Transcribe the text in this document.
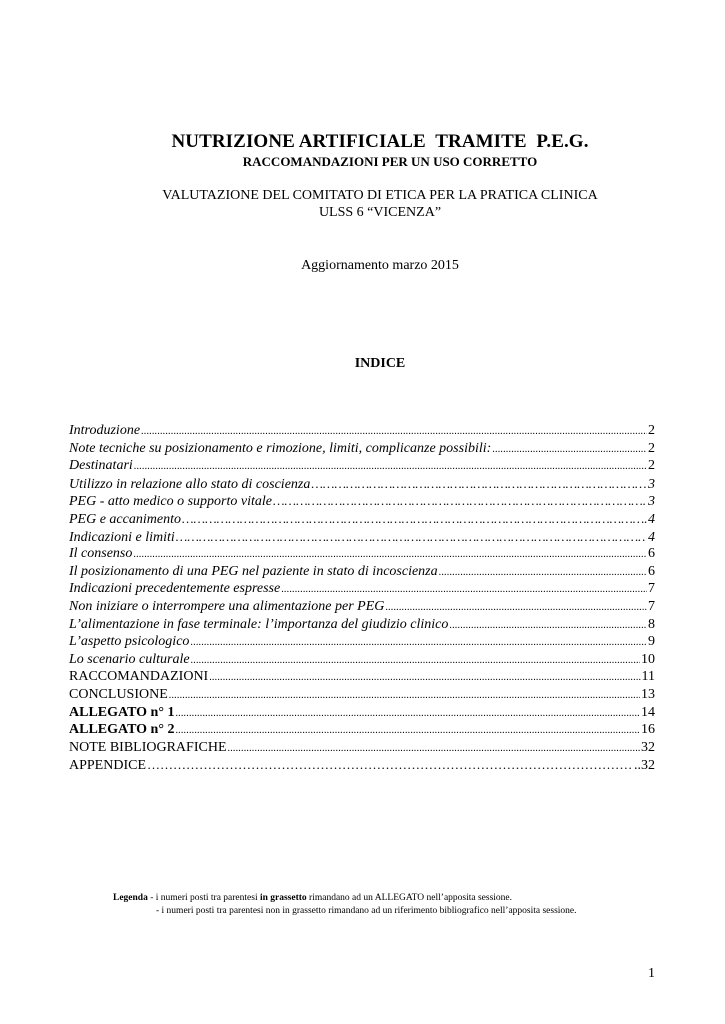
NUTRIZIONE ARTIFICIALE  TRAMITE  P.E.G.
RACCOMANDAZIONI PER UN USO CORRETTO
VALUTAZIONE DEL COMITATO DI ETICA PER LA PRATICA CLINICA
ULSS 6 “VICENZA”
Aggiornamento marzo 2015
INDICE
Introduzione .....	2
Note tecniche su posizionamento e rimozione, limiti, complicanze possibili: .....	2
Destinatari .....	2
Utilizzo in relazione allo stato di coscienza ……………………………………………………………………………………………………………………………………………	3
PEG - atto medico o supporto vitale ……………………………………………………………………………………………………………………………………………	3
PEG e accanimento ……………………………………………………………………………………………………………………………………………	4
Indicazioni e limiti ……………………………………………………………………………………………………………………………………………	4
Il consenso .....	6
Il posizionamento di una PEG nel paziente in stato di incoscienza .....	6
Indicazioni precedentemente espresse .....	7
Non iniziare o interrompere una alimentazione per PEG .....	7
L’alimentazione in fase terminale: l’importanza del giudizio clinico .....	8
L’aspetto psicologico .....	9
Lo scenario culturale .....	10
RACCOMANDAZIONI .....	11
CONCLUSIONE .....	13
ALLEGATO n° 1 .....	14
ALLEGATO n° 2 .....	16
NOTE BIBLIOGRAFICHE .....	32
APPENDICE ……………………………………………………………………………………………………………………………………………	..32
Legenda - i numeri posti tra parentesi in grassetto rimandano ad un ALLEGATO nell’apposita sessione.
- i numeri posti tra parentesi non in grassetto rimandano ad un riferimento bibliografico nell’apposita sessione.
1
